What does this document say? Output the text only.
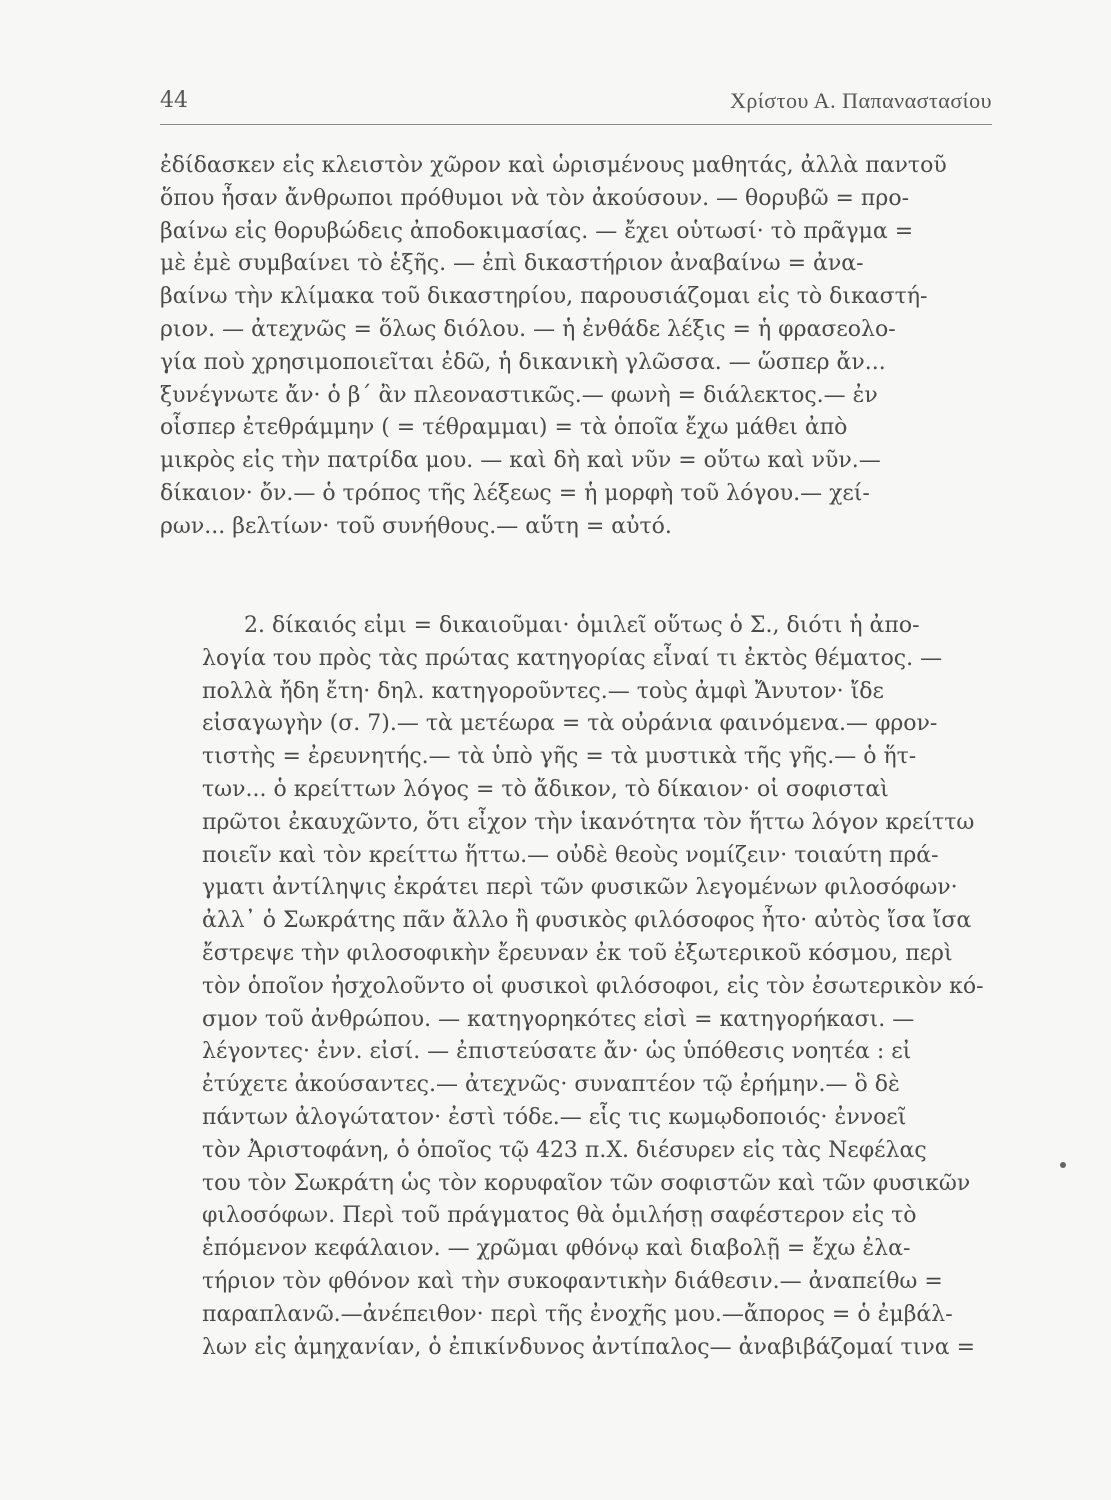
44	Χρίστου Α. Παπαναστασίου
ἐδίδασκεν εἰς κλειστὸν χῶρον καὶ ὡρισμένους μαθητάς, ἀλλὰ παντοῦ
ὅπου ἦσαν ἄνθρωποι πρόθυμοι νὰ τὸν ἀκούσουν. — θορυβῶ = προ-
βαίνω εἰς θορυβώδεις ἀποδοκιμασίας. — ἔχει οὑτωσί· τὸ πρᾶγμα =
μὲ ἐμὲ συμβαίνει τὸ ἑξῆς. — ἐπὶ δικαστήριον ἀναβαίνω = ἀνα-
βαίνω τὴν κλίμακα τοῦ δικαστηρίου, παρουσιάζομαι εἰς τὸ δικαστή-
ριον. — ἀτεχνῶς = ὅλως διόλου. — ἡ ἐνθάδε λέξις = ἡ φρασεολο-
γία ποὺ χρησιμοποιεῖται ἐδῶ, ἡ δικανικὴ γλῶσσα. — ὥσπερ ἄν...
ξυνέγνωτε ἄν· ὁ β΄ ἂν πλεοναστικῶς.— φωνὴ = διάλεκτος.— ἐν
οἷσπερ ἐτεθράμμην ( = τέθραμμαι) = τὰ ὁποῖα ἔχω μάθει ἀπὸ
μικρὸς εἰς τὴν πατρίδα μου. — καὶ δὴ καὶ νῦν = οὕτω καὶ νῦν.—
δίκαιον· ὄν.— ὁ τρόπος τῆς λέξεως = ἡ μορφὴ τοῦ λόγου.— χεί-
ρων... βελτίων· τοῦ συνήθους.— αὕτη = αὐτό.
2. δίκαιός εἰμι = δικαιοῦμαι· ὁμιλεῖ οὕτως ὁ Σ., διότι ἡ ἀπο-
λογία του πρὸς τὰς πρώτας κατηγορίας εἶναί τι ἐκτὸς θέματος. —
πολλὰ ἤδη ἔτη· δηλ. κατηγοροῦντες.— τοὺς ἀμφὶ Ἄνυτον· ἴδε
εἰσαγωγὴν (σ. 7).— τὰ μετέωρα = τὰ οὐράνια φαινόμενα.— φρον-
τιστὴς = ἐρευνητής.— τὰ ὑπὸ γῆς = τὰ μυστικὰ τῆς γῆς.— ὁ ἥτ-
των... ὁ κρείττων λόγος = τὸ ἄδικον, τὸ δίκαιον· οἱ σοφισταὶ
πρῶτοι ἐκαυχῶντο, ὅτι εἶχον τὴν ἱκανότητα τὸν ἥττω λόγον κρείττω
ποιεῖν καὶ τὸν κρείττω ἥττω.— οὐδὲ θεοὺς νομίζειν· τοιαύτη πρά-
γματι ἀντίληψις ἐκράτει περὶ τῶν φυσικῶν λεγομένων φιλοσόφων·
ἀλλ᾽ ὁ Σωκράτης πᾶν ἄλλο ἢ φυσικὸς φιλόσοφος ἦτο· αὐτὸς ἴσα ἴσα
ἔστρεψε τὴν φιλοσοφικὴν ἔρευναν ἐκ τοῦ ἐξωτερικοῦ κόσμου, περὶ
τὸν ὁποῖον ἠσχολοῦντο οἱ φυσικοὶ φιλόσοφοι, εἰς τὸν ἐσωτερικὸν κό-
σμον τοῦ ἀνθρώπου. — κατηγορηκότες εἰσὶ = κατηγορήκασι. —
λέγοντες· ἐνν. εἰσί. — ἐπιστεύσατε ἄν· ὡς ὑπόθεσις νοητέα : εἰ
ἐτύχετε ἀκούσαντες.— ἀτεχνῶς· συναπτέον τῷ ἐρήμην.— ὃ δὲ
πάντων ἀλογώτατον· ἐστὶ τόδε.— εἷς τις κωμῳδοποιός· ἐννοεῖ
τὸν Ἀριστοφάνη, ὁ ὁποῖος τῷ 423 π.Χ. διέσυρεν εἰς τὰς Νεφέλας
του τὸν Σωκράτη ὡς τὸν κορυφαῖον τῶν σοφιστῶν καὶ τῶν φυσικῶν
φιλοσόφων. Περὶ τοῦ πράγματος θὰ ὁμιλήσῃ σαφέστερον εἰς τὸ
ἑπόμενον κεφάλαιον. — χρῶμαι φθόνῳ καὶ διαβολῇ = ἔχω ἐλα-
τήριον τὸν φθόνον καὶ τὴν συκοφαντικὴν διάθεσιν.— ἀναπείθω =
παραπλανῶ.—ἀνέπειθον· περὶ τῆς ἐνοχῆς μου.—ἄπορος = ὁ ἐμβάλ-
λων εἰς ἀμηχανίαν, ὁ ἐπικίνδυνος ἀντίπαλος— ἀναβιβάζομαί τινα =
